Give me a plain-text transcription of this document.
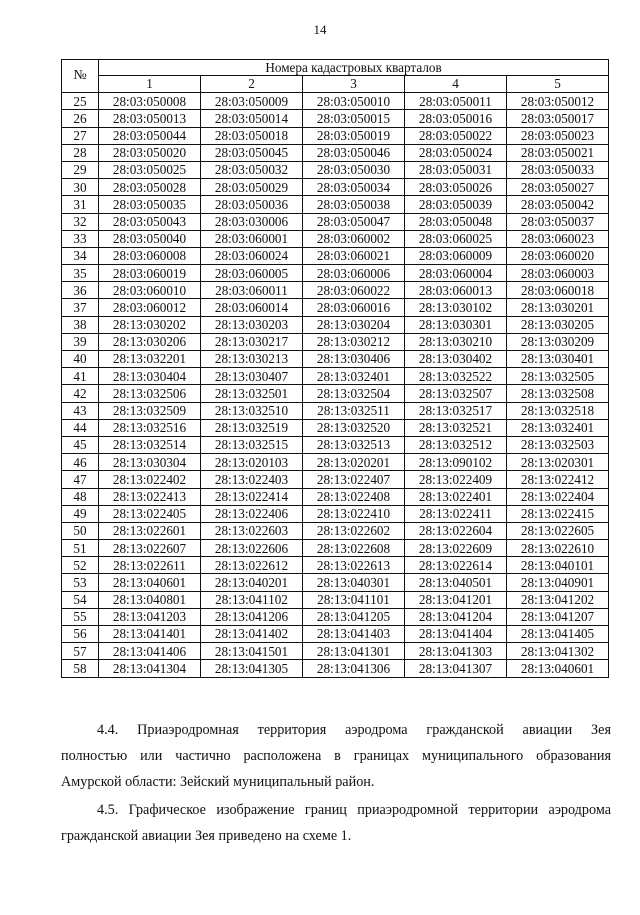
14
№	Номера кадастровых кварталов				
	1	2	3	4	5
25	28:03:050008	28:03:050009	28:03:050010	28:03:050011	28:03:050012
26	28:03:050013	28:03:050014	28:03:050015	28:03:050016	28:03:050017
27	28:03:050044	28:03:050018	28:03:050019	28:03:050022	28:03:050023
28	28:03:050020	28:03:050045	28:03:050046	28:03:050024	28:03:050021
29	28:03:050025	28:03:050032	28:03:050030	28:03:050031	28:03:050033
30	28:03:050028	28:03:050029	28:03:050034	28:03:050026	28:03:050027
31	28:03:050035	28:03:050036	28:03:050038	28:03:050039	28:03:050042
32	28:03:050043	28:03:030006	28:03:050047	28:03:050048	28:03:050037
33	28:03:050040	28:03:060001	28:03:060002	28:03:060025	28:03:060023
34	28:03:060008	28:03:060024	28:03:060021	28:03:060009	28:03:060020
35	28:03:060019	28:03:060005	28:03:060006	28:03:060004	28:03:060003
36	28:03:060010	28:03:060011	28:03:060022	28:03:060013	28:03:060018
37	28:03:060012	28:03:060014	28:03:060016	28:13:030102	28:13:030201
38	28:13:030202	28:13:030203	28:13:030204	28:13:030301	28:13:030205
39	28:13:030206	28:13:030217	28:13:030212	28:13:030210	28:13:030209
40	28:13:032201	28:13:030213	28:13:030406	28:13:030402	28:13:030401
41	28:13:030404	28:13:030407	28:13:032401	28:13:032522	28:13:032505
42	28:13:032506	28:13:032501	28:13:032504	28:13:032507	28:13:032508
43	28:13:032509	28:13:032510	28:13:032511	28:13:032517	28:13:032518
44	28:13:032516	28:13:032519	28:13:032520	28:13:032521	28:13:032401
45	28:13:032514	28:13:032515	28:13:032513	28:13:032512	28:13:032503
46	28:13:030304	28:13:020103	28:13:020201	28:13:090102	28:13:020301
47	28:13:022402	28:13:022403	28:13:022407	28:13:022409	28:13:022412
48	28:13:022413	28:13:022414	28:13:022408	28:13:022401	28:13:022404
49	28:13:022405	28:13:022406	28:13:022410	28:13:022411	28:13:022415
50	28:13:022601	28:13:022603	28:13:022602	28:13:022604	28:13:022605
51	28:13:022607	28:13:022606	28:13:022608	28:13:022609	28:13:022610
52	28:13:022611	28:13:022612	28:13:022613	28:13:022614	28:13:040101
53	28:13:040601	28:13:040201	28:13:040301	28:13:040501	28:13:040901
54	28:13:040801	28:13:041102	28:13:041101	28:13:041201	28:13:041202
55	28:13:041203	28:13:041206	28:13:041205	28:13:041204	28:13:041207
56	28:13:041401	28:13:041402	28:13:041403	28:13:041404	28:13:041405
57	28:13:041406	28:13:041501	28:13:041301	28:13:041303	28:13:041302
58	28:13:041304	28:13:041305	28:13:041306	28:13:041307	28:13:040601
4.4. Приаэродромная территория аэродрома гражданской авиации Зея
полностью или частично расположена в границах муниципального образования
Амурской области: Зейский муниципальный район.
4.5. Графическое изображение границ приаэродромной территории аэродрома
гражданской авиации Зея приведено на схеме 1.
